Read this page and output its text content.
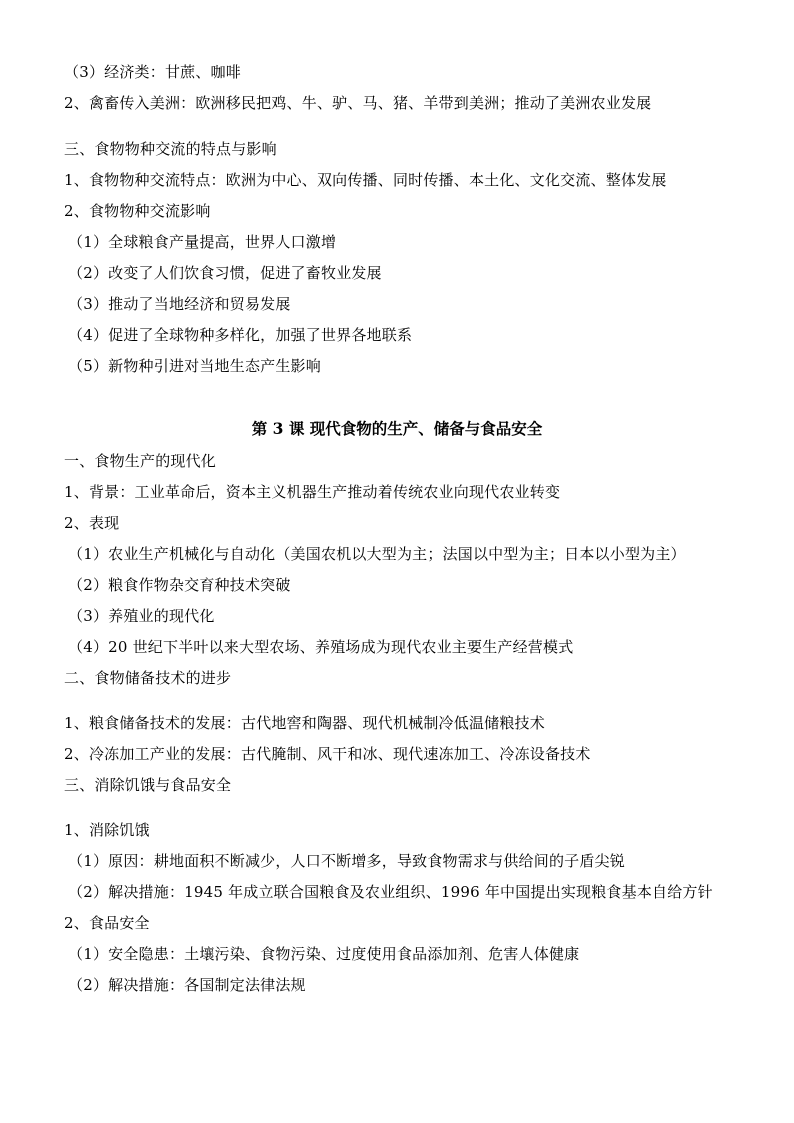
（3）经济类：甘蔗、咖啡
2、禽畜传入美洲：欧洲移民把鸡、牛、驴、马、猪、羊带到美洲；推动了美洲农业发展
三、食物物种交流的特点与影响
1、食物物种交流特点：欧洲为中心、双向传播、同时传播、本土化、文化交流、整体发展
2、食物物种交流影响
（1）全球粮食产量提高，世界人口激增
（2）改变了人们饮食习惯，促进了畜牧业发展
（3）推动了当地经济和贸易发展
（4）促进了全球物种多样化，加强了世界各地联系
（5）新物种引进对当地生态产生影响
第 3 课 现代食物的生产、储备与食品安全
一、食物生产的现代化
1、背景：工业革命后，资本主义机器生产推动着传统农业向现代农业转变
2、表现
（1）农业生产机械化与自动化（美国农机以大型为主；法国以中型为主；日本以小型为主）
（2）粮食作物杂交育种技术突破
（3）养殖业的现代化
（4）20 世纪下半叶以来大型农场、养殖场成为现代农业主要生产经营模式
二、食物储备技术的进步
1、粮食储备技术的发展：古代地窖和陶器、现代机械制冷低温储粮技术
2、冷冻加工产业的发展：古代腌制、风干和冰、现代速冻加工、冷冻设备技术
三、消除饥饿与食品安全
1、消除饥饿
（1）原因：耕地面积不断减少，人口不断增多，导致食物需求与供给间的子盾尖锐
（2）解决措施：1945 年成立联合国粮食及农业组织、1996 年中国提出实现粮食基本自给方针
2、食品安全
（1）安全隐患：土壤污染、食物污染、过度使用食品添加剂、危害人体健康
（2）解决措施：各国制定法律法规
